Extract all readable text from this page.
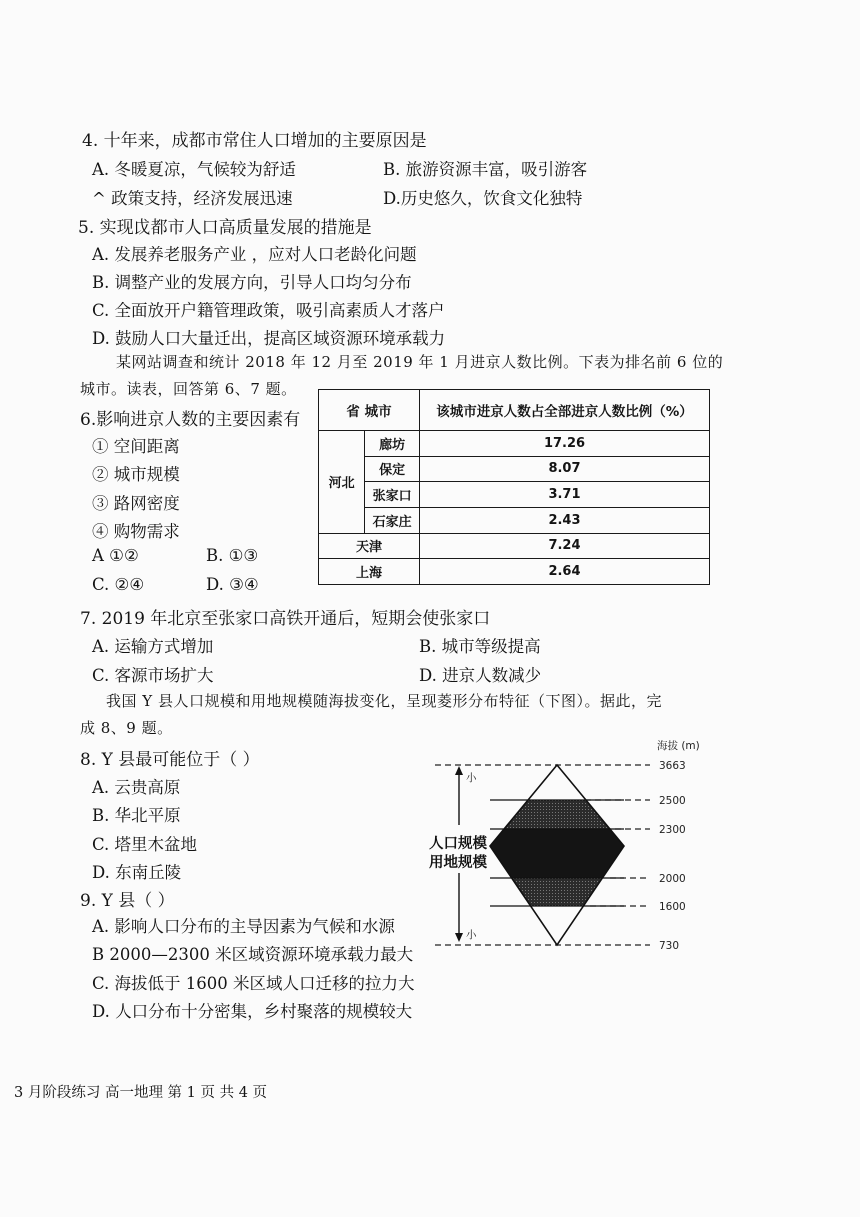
4. 十年来，成都市常住人口增加的主要原因是
A. 冬暖夏凉，气候较为舒适	B. 旅游资源丰富，吸引游客
^ 政策支持，经济发展迅速	D.历史悠久，饮食文化独特
5. 实现戉都市人口高质量发展的措施是
A. 发展养老服务产业 ，应对人口老龄化问题
B. 调整产业的发展方向，引导人口均匀分布
C. 全面放开户籍管理政策，吸引高素质人才落户
D. 鼓励人口大量迁出，提高区域资源环境承载力
某网站调查和统计 2018 年 12 月至 2019 年 1 月进京人数比例。下表为排名前 6 位的
城市。读表，回答第 6、7 题。
6.影响进京人数的主要因素有
① 空间距离
② 城市规模
③ 路网密度
④ 购物需求
A ①②	B. ①③
C. ②④	D. ③④
省 城市		该城市进京人数占全部进京人数比例（%）
河北	廊坊	17.26
	保定	8.07
	张家口	3.71
	石家庄	2.43
天津		7.24
上海		2.64
7. 2019 年北京至张家口高铁开通后，短期会使张家口
A. 运输方式增加	B. 城市等级提高
C. 客源市场扩大	D. 进京人数减少
我国 Y 县人口规模和用地规模随海拔变化，呈现菱形分布特征（下图）。据此，完
成 8、9 题。
8. Y 县最可能位于（ ）
A. 云贵高原
B. 华北平原
C. 塔里木盆地
D. 东南丘陵
9. Y 县（ ）
A. 影响人口分布的主导因素为气候和水源
B 2000—2300 米区域资源环境承载力最大
C. 海拔低于 1600 米区域人口迁移的拉力大
D. 人口分布十分密集，乡村聚落的规模较大
海拔 (m)
3663
2500
2300
2000
1600
730
小
小
人口规模
用地规模
3 月阶段练习 高一地理 第 1 页 共 4 页
